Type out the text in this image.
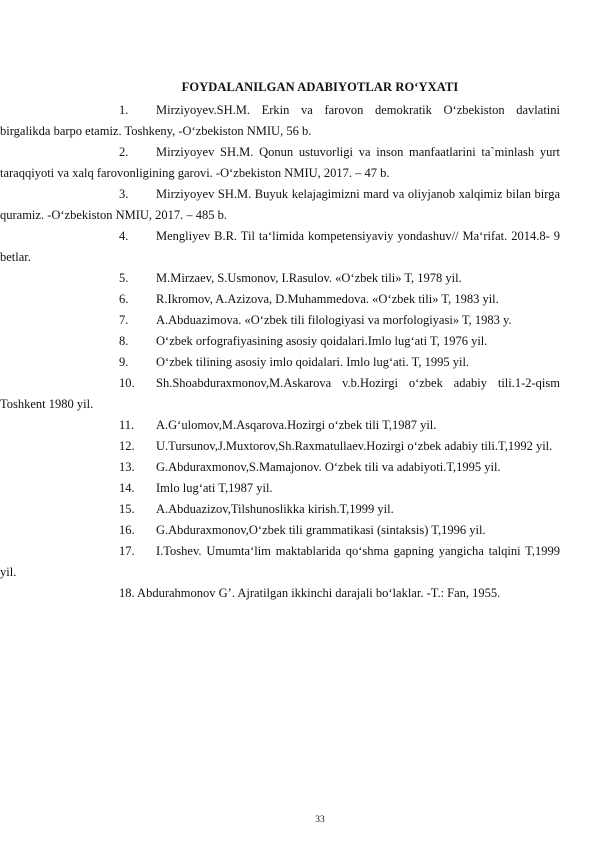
FOYDALANILGAN ADABIYOTLAR RO‘YXATI

1. Mirziyoyev.SH.M. Erkin va farovon demokratik O‘zbekiston davlatini birgalikda barpo etamiz. Toshkeny, -O‘zbekiston NMIU, 56 b.

2. Mirziyoyev SH.M. Qonun ustuvorligi va inson manfaatlarini ta`minlash yurt taraqqiyoti va xalq farovonligining garovi. -O‘zbekiston NMIU, 2017. – 47 b.

3. Mirziyoyev SH.M. Buyuk kelajagimizni mard va oliyjanob xalqimiz bilan birga quramiz. -O‘zbekiston NMIU, 2017. – 485 b.

4. Mengliyev B.R. Til ta‘limida kompetensiyaviy yondashuv// Ma‘rifat. 2014.8- 9 betlar.

5. M.Mirzaev, S.Usmonov, I.Rasulov. «O‘zbek tili» T, 1978 yil.

6. R.Ikromov, A.Azizova, D.Muhammedova. «O‘zbek tili» T, 1983 yil.

7. A.Abduazimova. «O‘zbek tili filologiyasi va morfologiyasi» T, 1983 y.

8. O‘zbek orfografiyasining asosiy qoidalari.Imlo lug‘ati T, 1976 yil.

9. O‘zbek tilining asosiy imlo qoidalari. Imlo lug‘ati. T, 1995 yil.

10. Sh.Shoabduraxmonov,M.Askarova v.b.Hozirgi o‘zbek adabiy tili.1-2-qism Toshkent 1980 yil.

11. A.G‘ulomov,M.Asqarova.Hozirgi o‘zbek tili T,1987 yil.

12. U.Tursunov,J.Muxtorov,Sh.Raxmatullaev.Hozirgi o‘zbek adabiy tili.T,1992 yil.

13. G.Abduraxmonov,S.Mamajonov. O‘zbek tili va adabiyoti.T,1995 yil.

14. Imlo lug‘ati T,1987 yil.

15. A.Abduazizov,Tilshunoslikka kirish.T,1999 yil.

16. G.Abduraxmonov,O‘zbek tili grammatikasi (sintaksis) T,1996 yil.

17. I.Toshev. Umumta‘lim maktablarida qo‘shma gapning yangicha talqini T,1999 yil.

18. Abdurahmonov G’. Ajratilgan ikkinchi darajali bo‘laklar. -T.: Fan, 1955.

33
